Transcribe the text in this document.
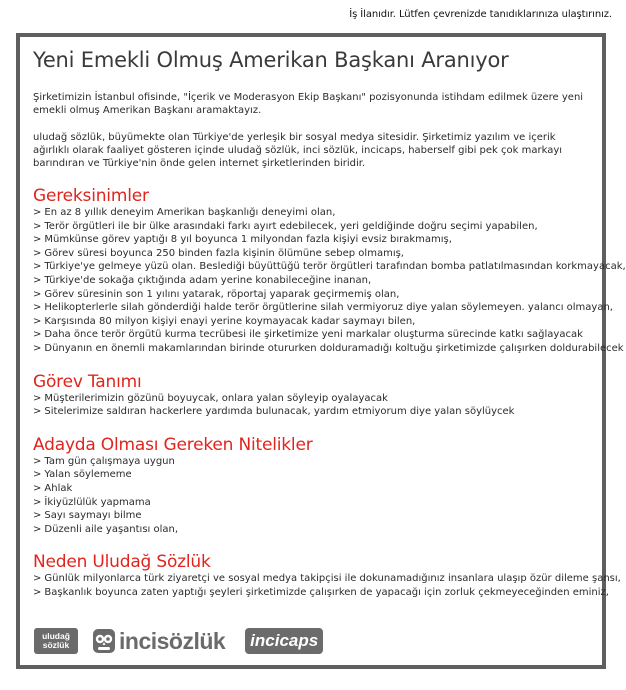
İş İlanıdır. Lütfen çevrenizde tanıdıklarınıza ulaştırınız.
Yeni Emekli Olmuş Amerikan Başkanı Aranıyor

Şirketimizin İstanbul ofisinde, "İçerik ve Moderasyon Ekip Başkanı" pozisyonunda istihdam edilmek üzere yeni emekli olmuş Amerikan Başkanı aramaktayız.

uludağ sözlük, büyümekte olan Türkiye'de yerleşik bir sosyal medya sitesidir. Şirketimiz yazılım ve içerik ağırlıklı olarak faaliyet gösteren içinde uludağ sözlük, inci sözlük, incicaps, haberself gibi pek çok markayı barındıran ve Türkiye'nin önde gelen internet şirketlerinden biridir.

Gereksinimler
> En az 8 yıllık deneyim Amerikan başkanlığı deneyimi olan,
> Terör örgütleri ile bir ülke arasındaki farkı ayırt edebilecek, yeri geldiğinde doğru seçimi yapabilen,
> Mümkünse görev yaptığı 8 yıl boyunca 1 milyondan fazla kişiyi evsiz bırakmamış,
> Görev süresi boyunca 250 binden fazla kişinin ölümüne sebep olmamış,
> Türkiye'ye gelmeye yüzü olan. Beslediği büyüttüğü terör örgütleri tarafından bomba patlatılmasından korkmayacak,
> Türkiye'de sokağa çıktığında adam yerine konabileceğine inanan,
> Görev süresinin son 1 yılını yatarak, röportaj yaparak geçirmemiş olan,
> Helikopterlerle silah gönderdiği halde terör örgütlerine silah vermiyoruz diye yalan söylemeyen. yalancı olmayan,
> Karşısında 80 milyon kişiyi enayi yerine koymayacak kadar saymayı bilen,
> Daha önce terör örgütü kurma tecrübesi ile şirketimize yeni markalar oluşturma sürecinde katkı sağlayacak
> Dünyanın en önemli makamlarından birinde otururken dolduramadığı koltuğu şirketimizde çalışırken doldurabilecek
Görev Tanımı
> Müşterilerimizin gözünü boyuycak, onlara yalan söyleyip oyalayacak
> Sitelerimize saldıran hackerlere yardımda bulunacak, yardım etmiyorum diye yalan söylüycek
Adayda Olması Gereken Nitelikler
> Tam gün çalışmaya uygun
> Yalan söylememe
> Ahlak
> İkiyüzlülük yapmama
> Sayı saymayı bilme
> Düzenli aile yaşantısı olan,
Neden Uludağ Sözlük
> Günlük milyonlarca türk ziyaretçi ve sosyal medya takipçisi ile dokunamadığınız insanlara ulaşıp özür dileme şansı,
> Başkanlık boyunca zaten yaptığı şeyleri şirketimizde çalışırken de yapacağı için zorluk çekmeyeceğinden eminiz,
uludağ
sözlük incisözlük incicaps
